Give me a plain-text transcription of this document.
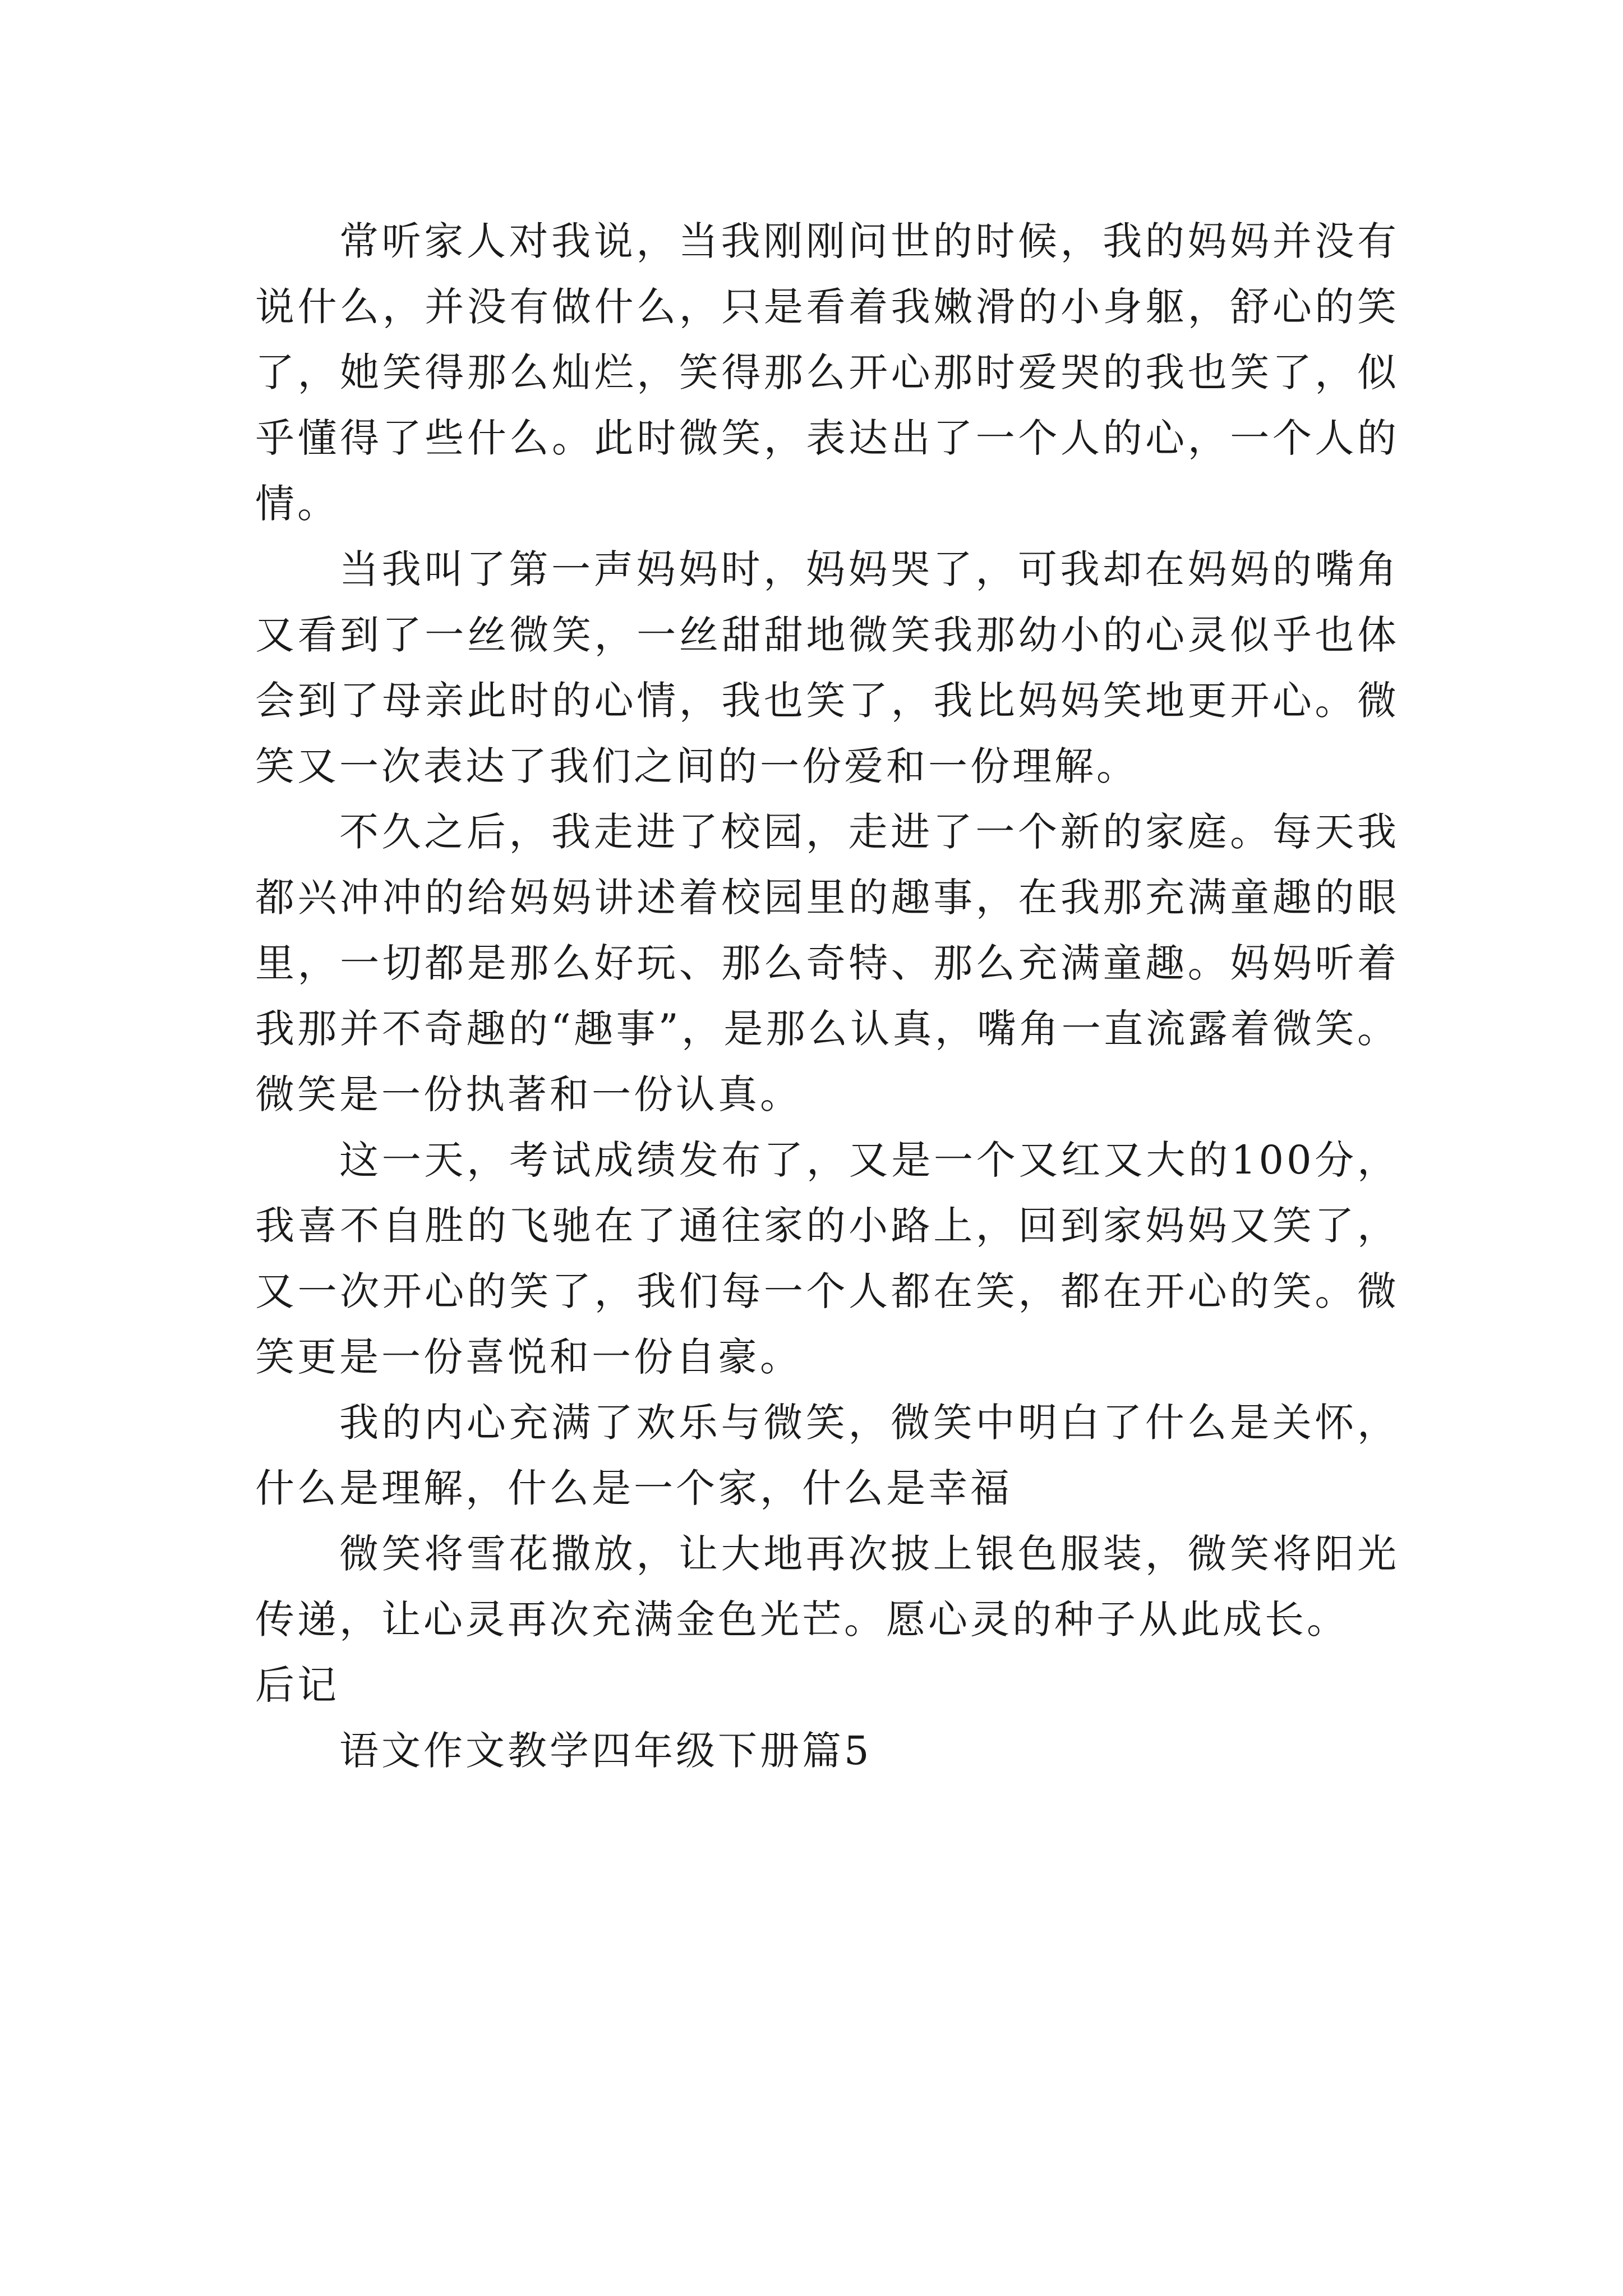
常听家人对我说，当我刚刚问世的时候，我的妈妈并没有说什么，并没有做什么，只是看着我嫩滑的小身躯，舒心的笑了，她笑得那么灿烂，笑得那么开心那时爱哭的我也笑了，似乎懂得了些什么。此时微笑，表达出了一个人的心，一个人的情。

当我叫了第一声妈妈时，妈妈哭了，可我却在妈妈的嘴角又看到了一丝微笑，一丝甜甜地微笑我那幼小的心灵似乎也体会到了母亲此时的心情，我也笑了，我比妈妈笑地更开心。微笑又一次表达了我们之间的一份爱和一份理解。

不久之后，我走进了校园，走进了一个新的家庭。每天我都兴冲冲的给妈妈讲述着校园里的趣事，在我那充满童趣的眼里，一切都是那么好玩、那么奇特、那么充满童趣。妈妈听着我那并不奇趣的“趣事”，是那么认真，嘴角一直流露着微笑。微笑是一份执著和一份认真。

这一天，考试成绩发布了，又是一个又红又大的100分，我喜不自胜的飞驰在了通往家的小路上，回到家妈妈又笑了，又一次开心的笑了，我们每一个人都在笑，都在开心的笑。微笑更是一份喜悦和一份自豪。

我的内心充满了欢乐与微笑，微笑中明白了什么是关怀，什么是理解，什么是一个家，什么是幸福

微笑将雪花撒放，让大地再次披上银色服装，微笑将阳光传递，让心灵再次充满金色光芒。愿心灵的种子从此成长。

后记

语文作文教学四年级下册篇5
